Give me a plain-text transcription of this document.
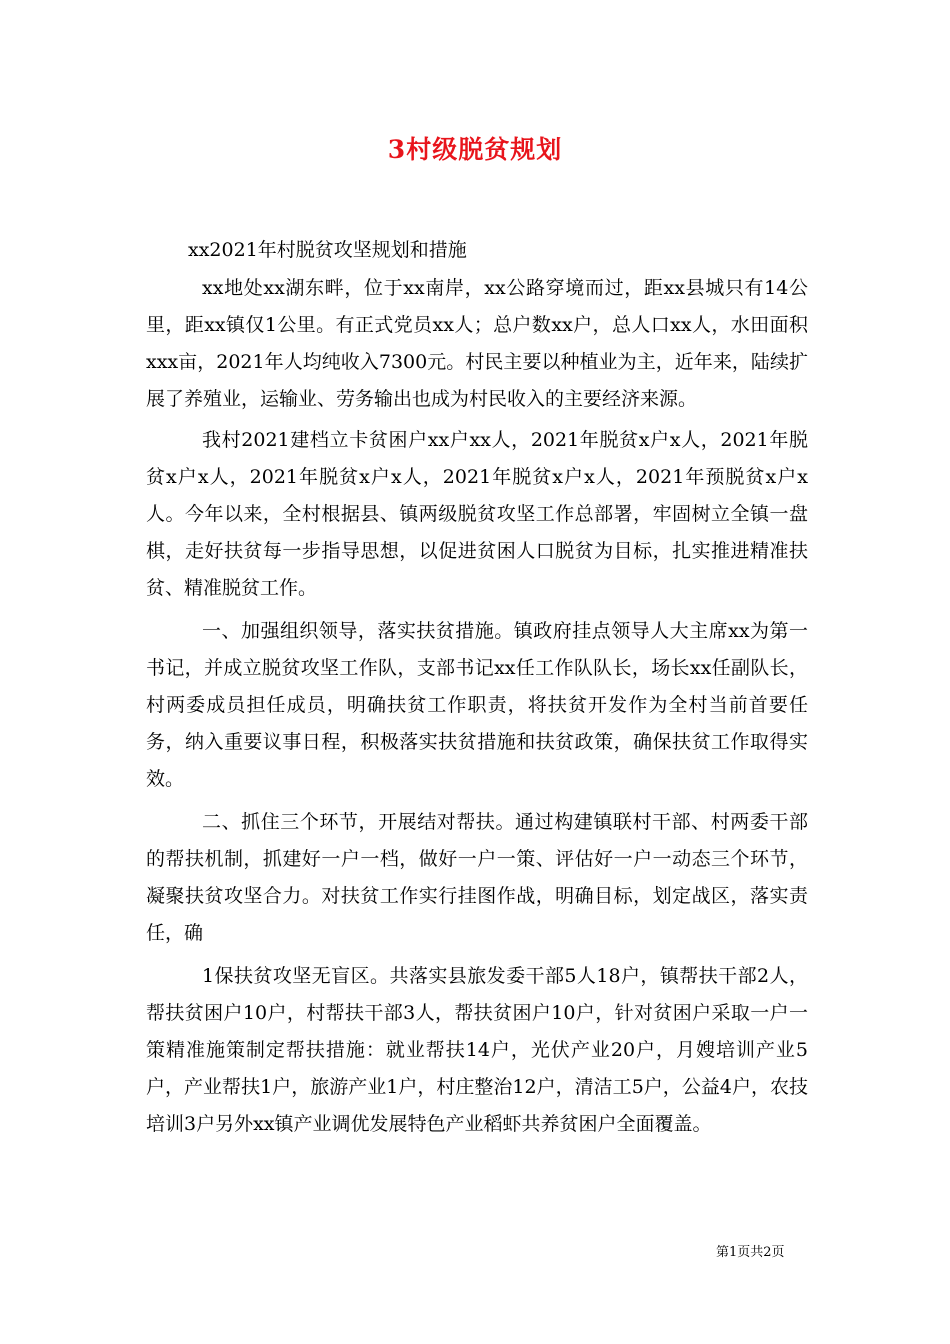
3村级脱贫规划
xx2021年村脱贫攻坚规划和措施

xx地处xx湖东畔，位于xx南岸，xx公路穿境而过，距xx县城只有14公里，距xx镇仅1公里。有正式党员xx人；总户数xx户，总人口xx人，水田面积xxx亩，2021年人均纯收入7300元。村民主要以种植业为主，近年来，陆续扩展了养殖业，运输业、劳务输出也成为村民收入的主要经济来源。

我村2021建档立卡贫困户xx户xx人，2021年脱贫x户x人，2021年脱贫x户x人，2021年脱贫x户x人，2021年脱贫x户x人，2021年预脱贫x户x人。今年以来，全村根据县、镇两级脱贫攻坚工作总部署，牢固树立全镇一盘棋，走好扶贫每一步指导思想，以促进贫困人口脱贫为目标，扎实推进精准扶贫、精准脱贫工作。

一、加强组织领导，落实扶贫措施。镇政府挂点领导人大主席xx为第一书记，并成立脱贫攻坚工作队，支部书记xx任工作队队长，场长xx任副队长，村两委成员担任成员，明确扶贫工作职责，将扶贫开发作为全村当前首要任务，纳入重要议事日程，积极落实扶贫措施和扶贫政策，确保扶贫工作取得实效。

二、抓住三个环节，开展结对帮扶。通过构建镇联村干部、村两委干部的帮扶机制，抓建好一户一档，做好一户一策、评估好一户一动态三个环节，凝聚扶贫攻坚合力。对扶贫工作实行挂图作战，明确目标，划定战区，落实责任，确

1保扶贫攻坚无盲区。共落实县旅发委干部5人18户，镇帮扶干部2人，帮扶贫困户10户，村帮扶干部3人，帮扶贫困户10户，针对贫困户采取一户一策精准施策制定帮扶措施：就业帮扶14户，光伏产业20户，月嫂培训产业5户，产业帮扶1户，旅游产业1户，村庄整治12户，清洁工5户，公益4户，农技培训3户另外xx镇产业调优发展特色产业稻虾共养贫困户全面覆盖。

第1页共2页
